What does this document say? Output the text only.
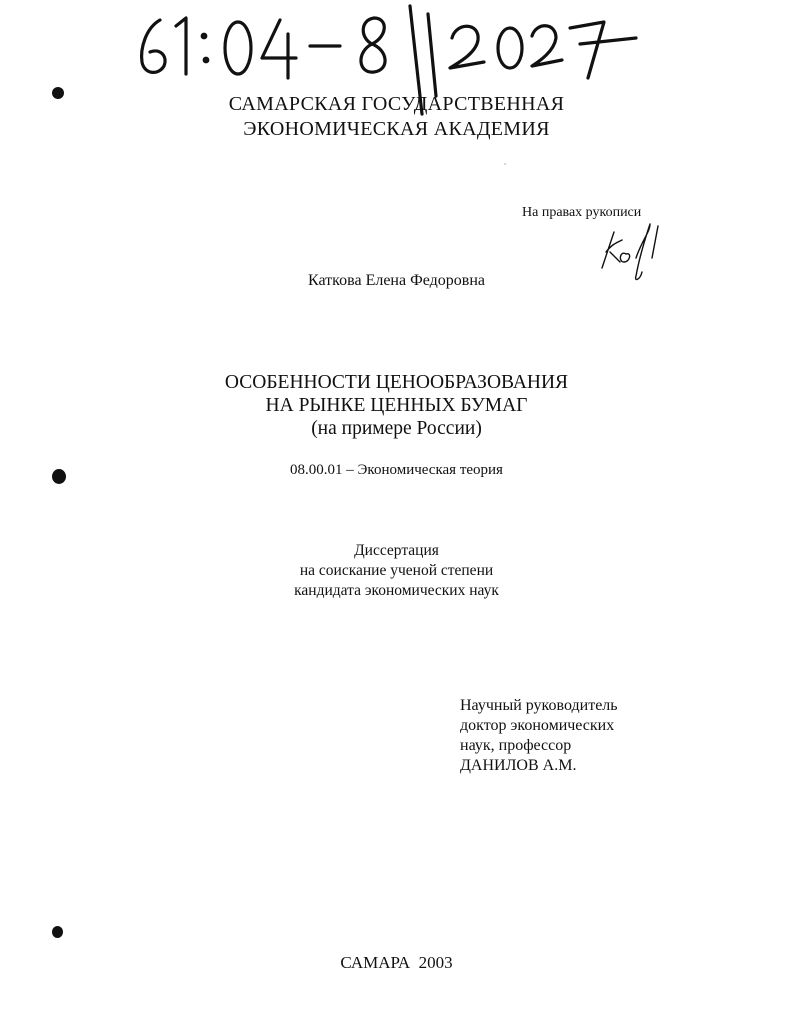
САМАРСКАЯ ГОСУДАРСТВЕННАЯ
ЭКОНОМИЧЕСКАЯ АКАДЕМИЯ
На правах рукописи
Каткова Елена Федоровна
ОСОБЕННОСТИ ЦЕНООБРАЗОВАНИЯ
НА РЫНКЕ ЦЕННЫХ БУМАГ
(на примере России)
08.00.01 – Экономическая теория
Диссертация
на соискание ученой степени
кандидата экономических наук
Научный руководитель
доктор экономических
наук, профессор
ДАНИЛОВ А.М.
САМАРА 2003
